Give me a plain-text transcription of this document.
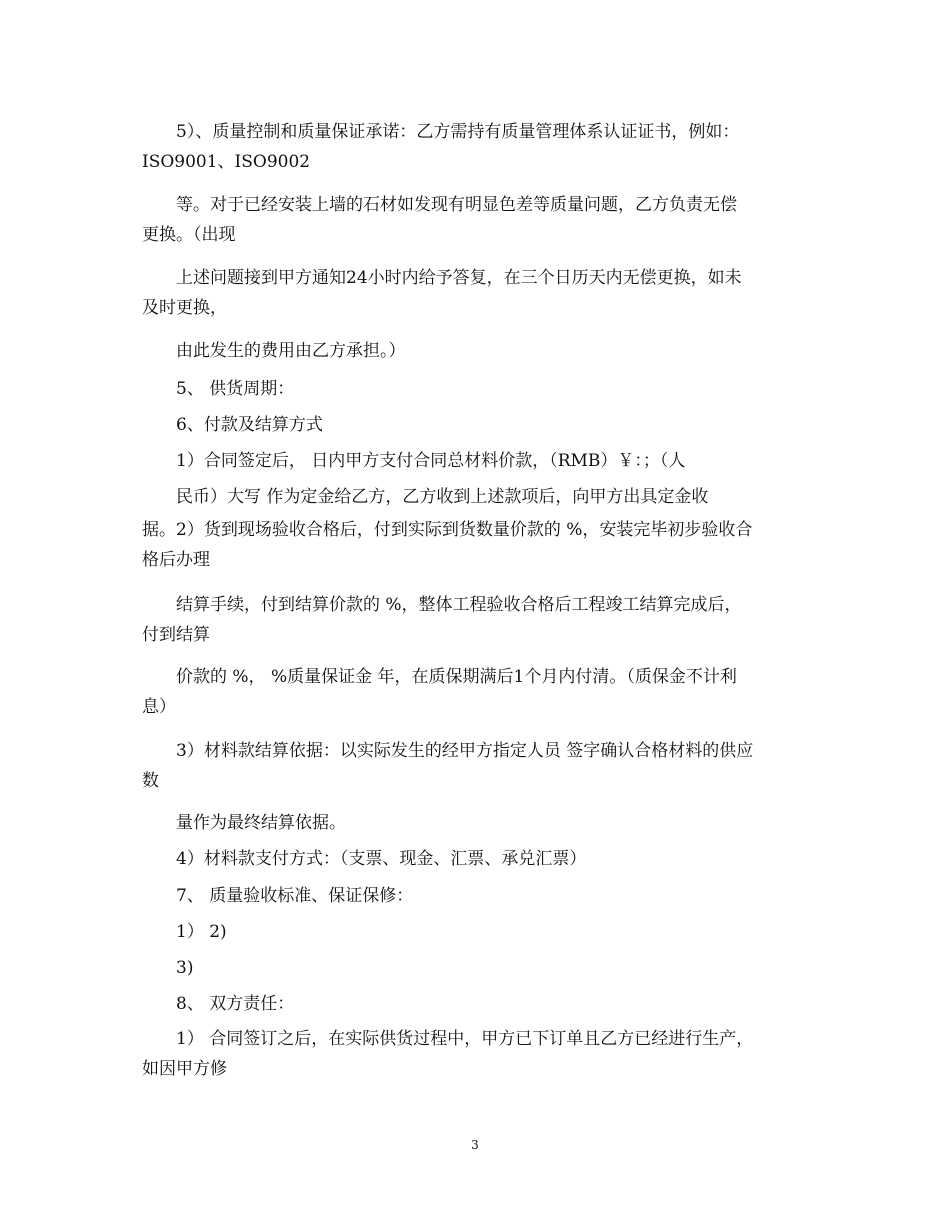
5）、质量控制和质量保证承诺：乙方需持有质量管理体系认证证书，例如：
ISO9001、ISO9002
等。对于已经安装上墙的石材如发现有明显色差等质量问题，乙方负责无偿
更换。（出现
上述问题接到甲方通知24小时内给予答复，在三个日历天内无偿更换，如未
及时更换，
由此发生的费用由乙方承担。）
5、 供货周期：
6、付款及结算方式
1）合同签定后， 日内甲方支付合同总材料价款，（RMB）￥：；（人
民币）大写 作为定金给乙方，乙方收到上述款项后，向甲方出具定金收
据。2）货到现场验收合格后，付到实际到货数量价款的 %，安装完毕初步验收合
格后办理
结算手续，付到结算价款的 %，整体工程验收合格后工程竣工结算完成后，
付到结算
价款的 %， %质量保证金 年，在质保期满后1个月内付清。（质保金不计利
息）
3）材料款结算依据：以实际发生的经甲方指定人员 签字确认合格材料的供应
数
量作为最终结算依据。
4）材料款支付方式：（支票、现金、汇票、承兑汇票）
7、 质量验收标准、保证保修：
1） 2)
3)
8、 双方责任：
1） 合同签订之后，在实际供货过程中，甲方已下订单且乙方已经进行生产，
如因甲方修
3
